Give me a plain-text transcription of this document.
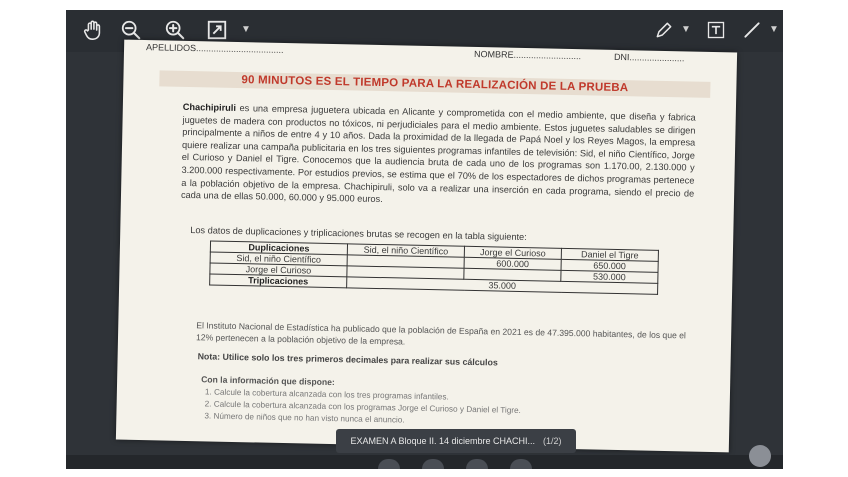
▼	▼	▼
APELLIDOS...................................
NOMBRE...........................	DNI......................
90 MINUTOS ES EL TIEMPO PARA LA REALIZACIÓN DE LA PRUEBA
Chachipiruli es una empresa juguetera ubicada en Alicante y comprometida con el medio ambiente, que diseña y fabrica juguetes de madera con productos no tóxicos, ni perjudiciales para el medio ambiente. Estos juguetes saludables se dirigen principalmente a niños de entre 4 y 10 años. Dada la proximidad de la llegada de Papá Noel y los Reyes Magos, la empresa quiere realizar una campaña publicitaria en los tres siguientes programas infantiles de televisión: Sid, el niño Científico, Jorge el Curioso y Daniel el Tigre. Conocemos que la audiencia bruta de cada uno de los programas son 1.170.00, 2.130.000 y 3.200.000 respectivamente. Por estudios previos, se estima que el 70% de los espectadores de dichos programas pertenece a la población objetivo de la empresa. Chachipiruli, solo va a realizar una inserción en cada programa, siendo el precio de cada una de ellas 50.000, 60.000 y 95.000 euros.
Los datos de duplicaciones y triplicaciones brutas se recogen en la tabla siguiente:
Duplicaciones	Sid, el niño Científico	Jorge el Curioso	Daniel el Tigre
Sid, el niño Científico		600.000	650.000
Jorge el Curioso			530.000
Triplicaciones	35.000		
El Instituto Nacional de Estadística ha publicado que la población de España en 2021 es de 47.395.000 habitantes, de los que el 12% pertenecen a la población objetivo de la empresa.
Nota: Utilice solo los tres primeros decimales para realizar sus cálculos
Con la información que dispone:
1. Calcule la cobertura alcanzada con los tres programas infantiles.
2. Calcule la cobertura alcanzada con los programas Jorge el Curioso y Daniel el Tigre.
3. Número de niños que no han visto nunca el anuncio.
EXAMEN A Bloque II. 14 diciembre CHACHI... (1/2)
